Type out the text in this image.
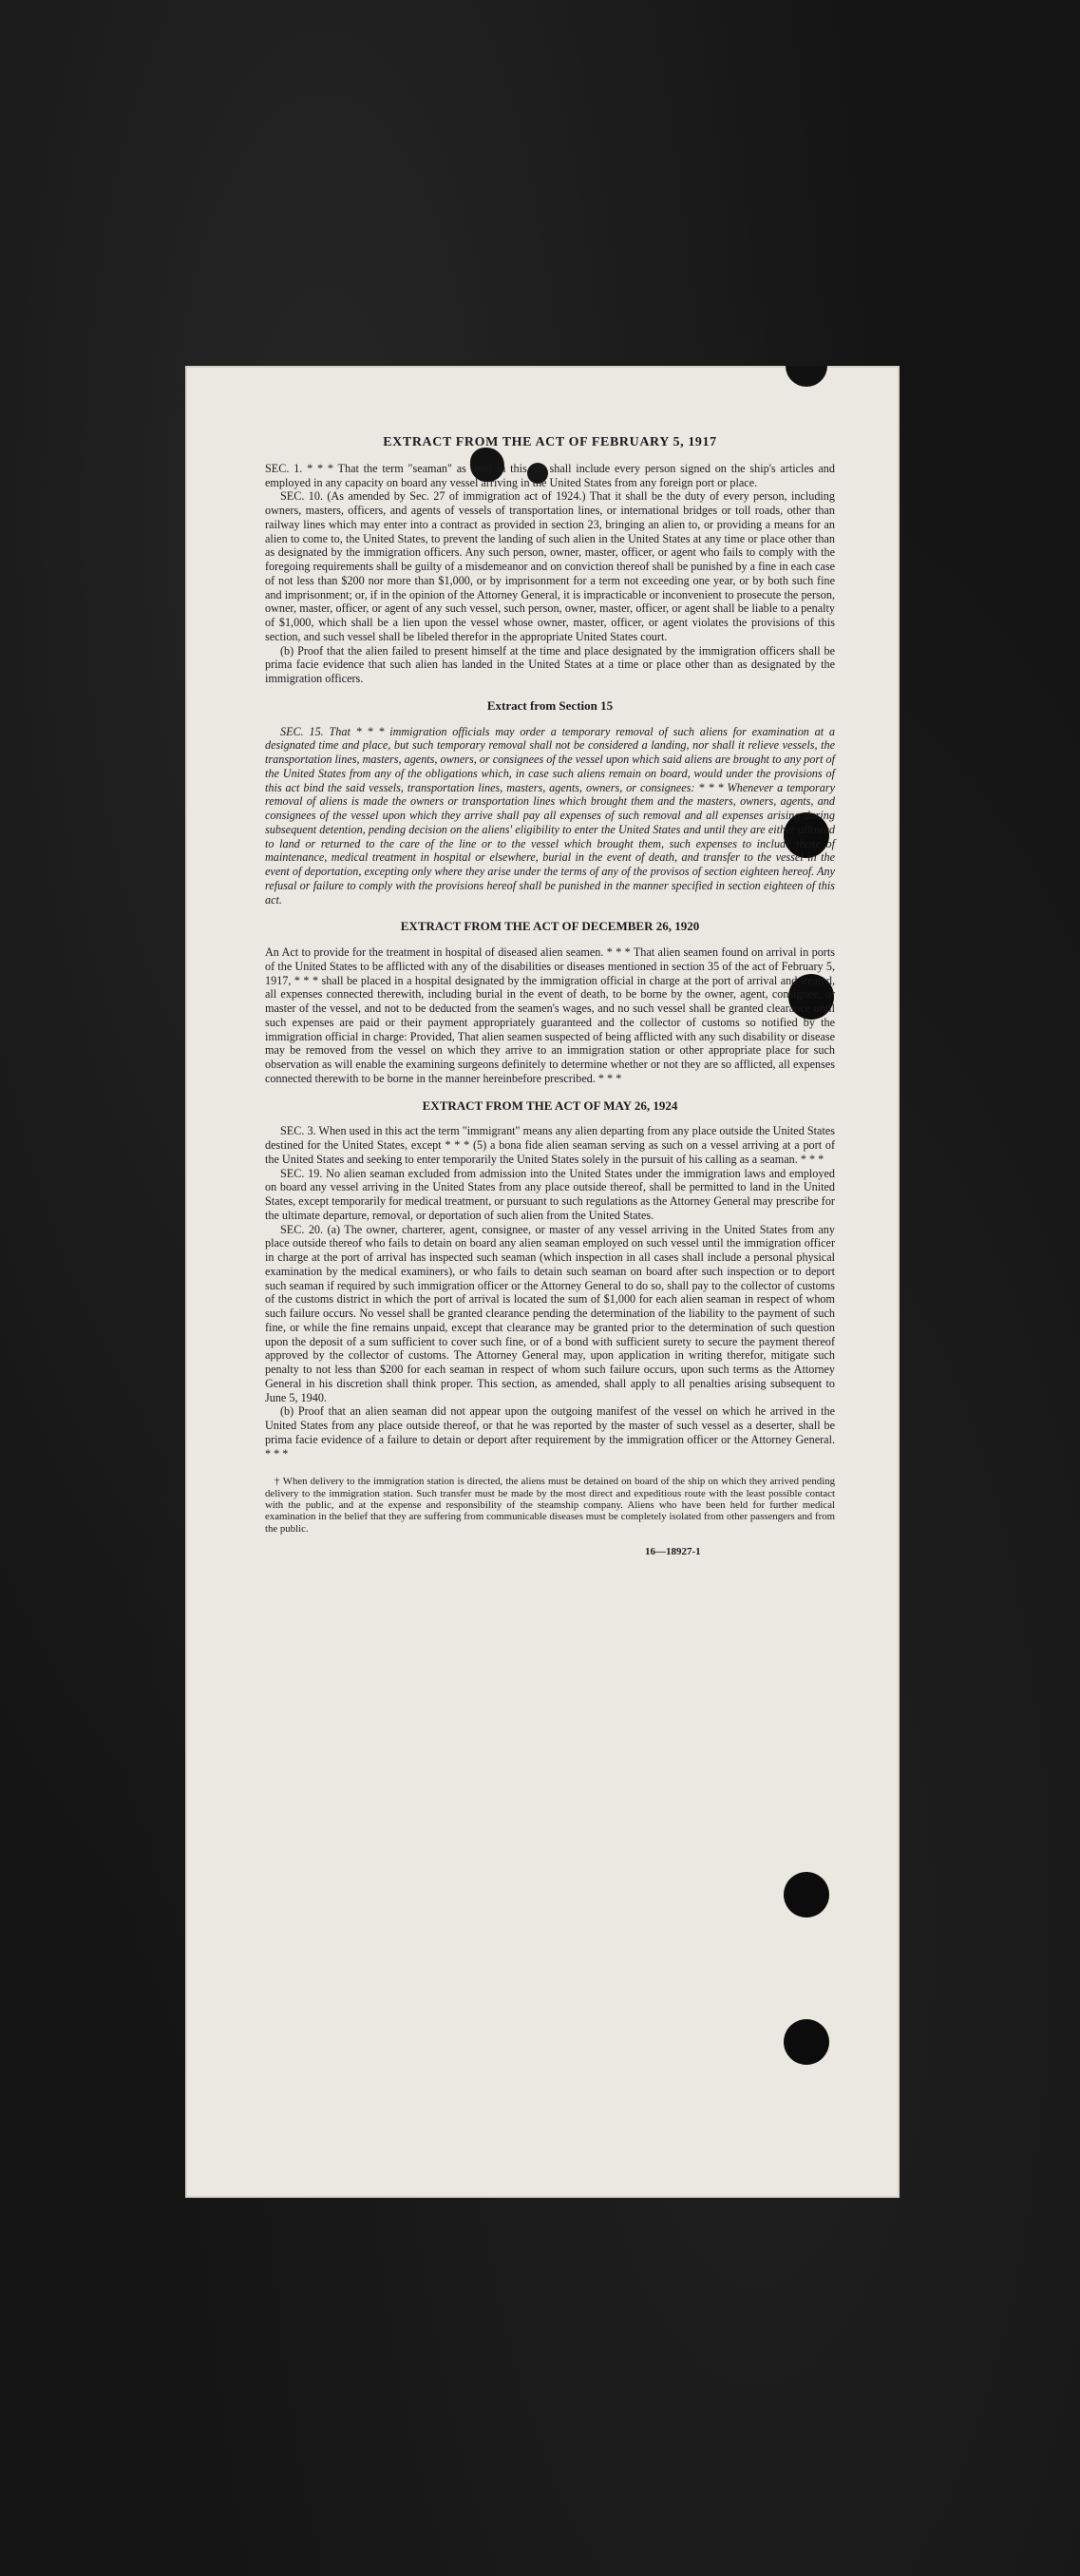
EXTRACT FROM THE ACT OF FEBRUARY 5, 1917

SEC. 1. * * * That the term "seaman" as used in this act shall include every person signed on the ship's articles and employed in any capacity on board any vessel arriving in the United States from any foreign port or place.

SEC. 10. (As amended by Sec. 27 of immigration act of 1924.) That it shall be the duty of every person, including owners, masters, officers, and agents of vessels of transportation lines, or international bridges or toll roads, other than railway lines which may enter into a contract as provided in section 23, bringing an alien to, or providing a means for an alien to come to, the United States, to prevent the landing of such alien in the United States at any time or place other than as designated by the immigration officers. Any such person, owner, master, officer, or agent who fails to comply with the foregoing requirements shall be guilty of a misdemeanor and on conviction thereof shall be punished by a fine in each case of not less than $200 nor more than $1,000, or by imprisonment for a term not exceeding one year, or by both such fine and imprisonment; or, if in the opinion of the Attorney General, it is impracticable or inconvenient to prosecute the person, owner, master, officer, or agent of any such vessel, such person, owner, master, officer, or agent shall be liable to a penalty of $1,000, which shall be a lien upon the vessel whose owner, master, officer, or agent violates the provisions of this section, and such vessel shall be libeled therefor in the appropriate United States court.

(b) Proof that the alien failed to present himself at the time and place designated by the immigration officers shall be prima facie evidence that such alien has landed in the United States at a time or place other than as designated by the immigration officers.

Extract from Section 15

SEC. 15. That * * * immigration officials may order a temporary removal of such aliens for examination at a designated time and place, but such temporary removal shall not be considered a landing, nor shall it relieve vessels, the transportation lines, masters, agents, owners, or consignees of the vessel upon which said aliens are brought to any port of the United States from any of the obligations which, in case such aliens remain on board, would under the provisions of this act bind the said vessels, transportation lines, masters, agents, owners, or consignees: * * * Whenever a temporary removal of aliens is made the owners or transportation lines which brought them and the masters, owners, agents, and consignees of the vessel upon which they arrive shall pay all expenses of such removal and all expenses arising during subsequent detention, pending decision on the aliens' eligibility to enter the United States and until they are either allowed to land or returned to the care of the line or to the vessel which brought them, such expenses to include those of maintenance, medical treatment in hospital or elsewhere, burial in the event of death, and transfer to the vessel in the event of deportation, excepting only where they arise under the terms of any of the provisos of section eighteen hereof. Any refusal or failure to comply with the provisions hereof shall be punished in the manner specified in section eighteen of this act.

EXTRACT FROM THE ACT OF DECEMBER 26, 1920

An Act to provide for the treatment in hospital of diseased alien seamen. * * * That alien seamen found on arrival in ports of the United States to be afflicted with any of the disabilities or diseases mentioned in section 35 of the act of February 5, 1917, * * * shall be placed in a hospital designated by the immigration official in charge at the port of arrival and treated, all expenses connected therewith, including burial in the event of death, to be borne by the owner, agent, consignee, or master of the vessel, and not to be deducted from the seamen's wages, and no such vessel shall be granted clearance until such expenses are paid or their payment appropriately guaranteed and the collector of customs so notified by the immigration official in charge: Provided, That alien seamen suspected of being afflicted with any such disability or disease may be removed from the vessel on which they arrive to an immigration station or other appropriate place for such observation as will enable the examining surgeons definitely to determine whether or not they are so afflicted, all expenses connected therewith to be borne in the manner hereinbefore prescribed. * * *

EXTRACT FROM THE ACT OF MAY 26, 1924

SEC. 3. When used in this act the term "immigrant" means any alien departing from any place outside the United States destined for the United States, except * * * (5) a bona fide alien seaman serving as such on a vessel arriving at a port of the United States and seeking to enter temporarily the United States solely in the pursuit of his calling as a seaman. * * *

SEC. 19. No alien seaman excluded from admission into the United States under the immigration laws and employed on board any vessel arriving in the United States from any place outside thereof, shall be permitted to land in the United States, except temporarily for medical treatment, or pursuant to such regulations as the Attorney General may prescribe for the ultimate departure, removal, or deportation of such alien from the United States.

SEC. 20. (a) The owner, charterer, agent, consignee, or master of any vessel arriving in the United States from any place outside thereof who fails to detain on board any alien seaman employed on such vessel until the immigration officer in charge at the port of arrival has inspected such seaman (which inspection in all cases shall include a personal physical examination by the medical examiners), or who fails to detain such seaman on board after such inspection or to deport such seaman if required by such immigration officer or the Attorney General to do so, shall pay to the collector of customs of the customs district in which the port of arrival is located the sum of $1,000 for each alien seaman in respect of whom such failure occurs. No vessel shall be granted clearance pending the determination of the liability to the payment of such fine, or while the fine remains unpaid, except that clearance may be granted prior to the determination of such question upon the deposit of a sum sufficient to cover such fine, or of a bond with sufficient surety to secure the payment thereof approved by the collector of customs. The Attorney General may, upon application in writing therefor, mitigate such penalty to not less than $200 for each seaman in respect of whom such failure occurs, upon such terms as the Attorney General in his discretion shall think proper. This section, as amended, shall apply to all penalties arising subsequent to June 5, 1940.

(b) Proof that an alien seaman did not appear upon the outgoing manifest of the vessel on which he arrived in the United States from any place outside thereof, or that he was reported by the master of such vessel as a deserter, shall be prima facie evidence of a failure to detain or deport after requirement by the immigration officer or the Attorney General. * * *

† When delivery to the immigration station is directed, the aliens must be detained on board of the ship on which they arrived pending delivery to the immigration station. Such transfer must be made by the most direct and expeditious route with the least possible contact with the public, and at the expense and responsibility of the steamship company. Aliens who have been held for further medical examination in the belief that they are suffering from communicable diseases must be completely isolated from other passengers and from the public.

16—18927-1
